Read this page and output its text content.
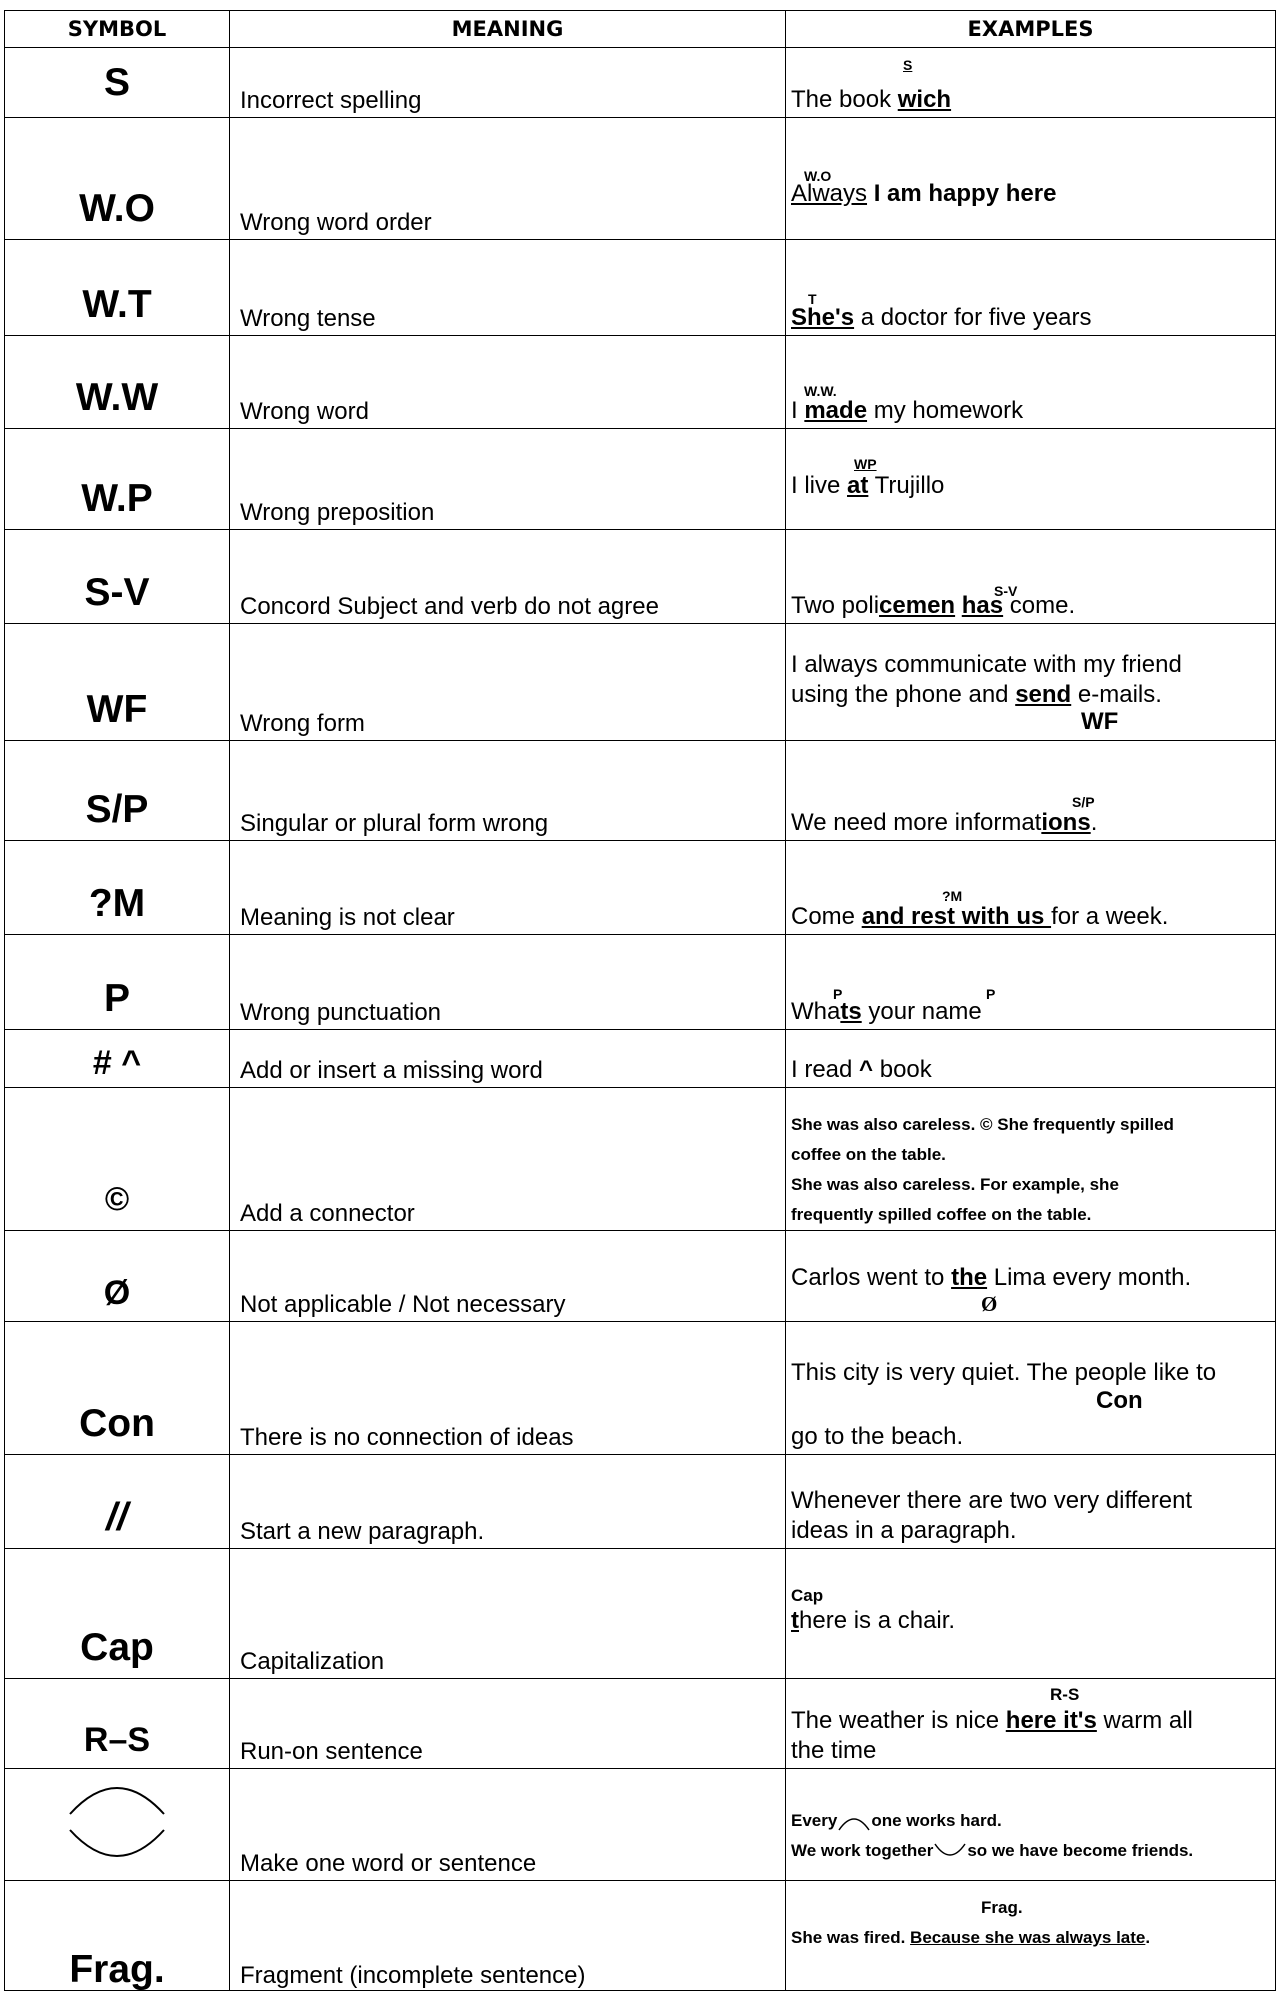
SYMBOL	MEANING	EXAMPLES
S	Incorrect spelling	S
The book wich

W.O	Wrong word order	W.O
Always I am happy here

W.T	Wrong tense	T
She's a doctor for five years

W.W	Wrong word	W.W.
I made my homework

W.P	Wrong preposition	WP
I live at Trujillo

S-V	Concord Subject and verb do not agree	S-V
Two policemen has come.

WF	Wrong form	I always communicate with my friend
using the phone and send e-mails.
WF

S/P	Singular or plural form wrong	S/P
We need more informations.

?M	Meaning is not clear	?M
Come and rest with us for a week.

P	Wrong punctuation	P P
Whats your name

# ^	Add or insert a missing word	I read ^ book

©	Add a connector	She was also careless. © She frequently spilled
coffee on the table.
She was also careless. For example, she
frequently spilled coffee on the table.

Ø	Not applicable / Not necessary	Carlos went to the Lima every month.
Ø

Con	There is no connection of ideas	This city is very quiet. The people like to
Con
go to the beach.

//	Start a new paragraph.	Whenever there are two very different
ideas in a paragraph.

Cap	Capitalization	Cap
there is a chair.

R–S	Run-on sentence	R-S
The weather is nice here it's warm all
the time

	Make one word or sentence	Every one works hard.
We work together so we have become friends.

Frag.	Fragment (incomplete sentence)	Frag.
She was fired. Because she was always late.
